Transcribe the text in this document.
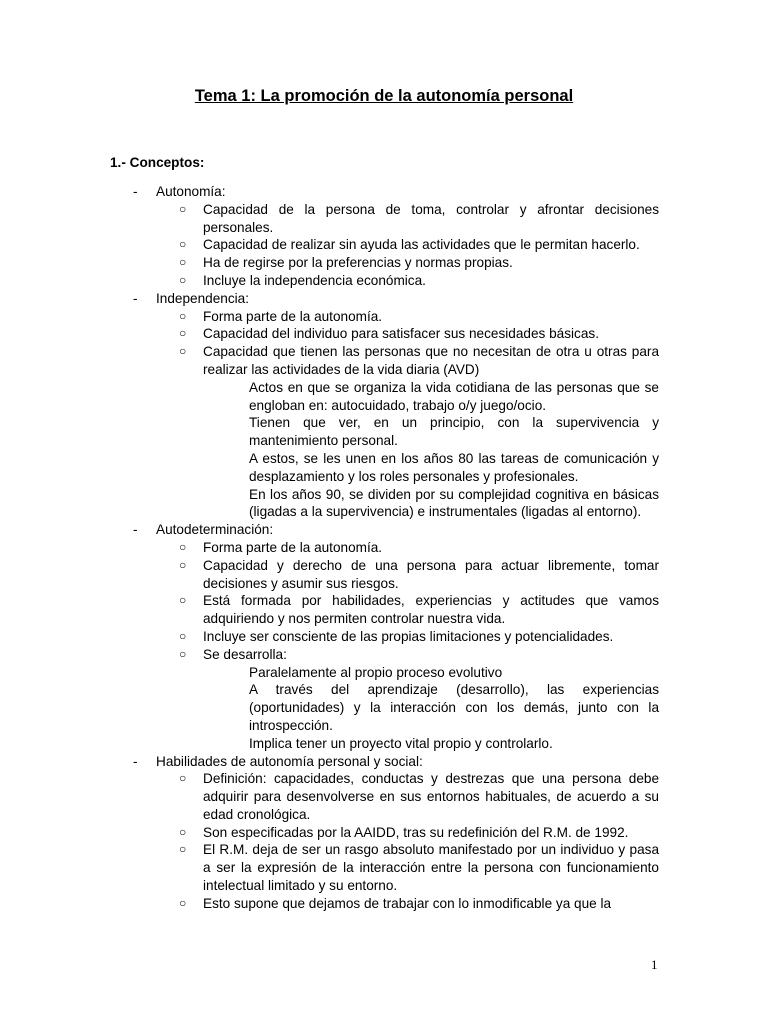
Tema 1: La promoción de la autonomía personal
1.- Conceptos:
- Autonomía:
○ Capacidad de la persona de toma, controlar y afrontar decisiones personales.
○ Capacidad de realizar sin ayuda las actividades que le permitan hacerlo.
○ Ha de regirse por la preferencias y normas propias.
○ Incluye la independencia económica.
- Independencia:
○ Forma parte de la autonomía.
○ Capacidad del individuo para satisfacer sus necesidades básicas.
○ Capacidad que tienen las personas que no necesitan de otra u otras para realizar las actividades de la vida diaria (AVD)
Actos en que se organiza la vida cotidiana de las personas que se engloban en: autocuidado, trabajo o/y juego/ocio.
Tienen que ver, en un principio, con la supervivencia y mantenimiento personal.
A estos, se les unen en los años 80 las tareas de comunicación y desplazamiento y los roles personales y profesionales.
En los años 90, se dividen por su complejidad cognitiva en básicas (ligadas a la supervivencia) e instrumentales (ligadas al entorno).
- Autodeterminación:
○ Forma parte de la autonomía.
○ Capacidad y derecho de una persona para actuar libremente, tomar decisiones y asumir sus riesgos.
○ Está formada por habilidades, experiencias y actitudes que vamos adquiriendo y nos permiten controlar nuestra vida.
○ Incluye ser consciente de las propias limitaciones y potencialidades.
○ Se desarrolla:
Paralelamente al propio proceso evolutivo
A través del aprendizaje (desarrollo), las experiencias (oportunidades) y la interacción con los demás, junto con la introspección.
Implica tener un proyecto vital propio y controlarlo.
- Habilidades de autonomía personal y social:
○ Definición: capacidades, conductas y destrezas que una persona debe adquirir para desenvolverse en sus entornos habituales, de acuerdo a su edad cronológica.
○ Son especificadas por la AAIDD, tras su redefinición del R.M. de 1992.
○ El R.M. deja de ser un rasgo absoluto manifestado por un individuo y pasa a ser la expresión de la interacción entre la persona con funcionamiento intelectual limitado y su entorno.
○ Esto supone que dejamos de trabajar con lo inmodificable ya que la
1
